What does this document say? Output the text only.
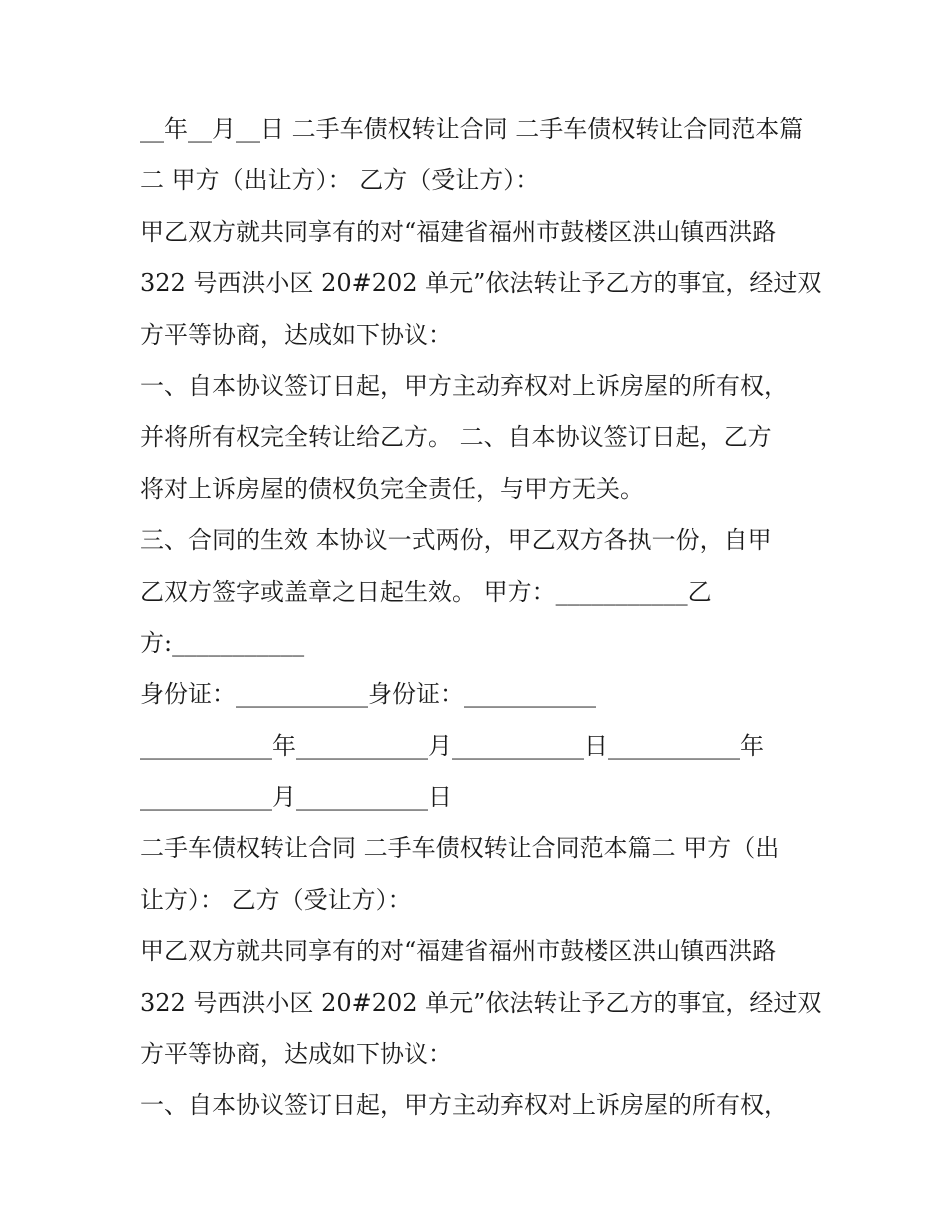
__年__月__日 二手车债权转让合同 二手车债权转让合同范本篇
二 甲方（出让方）： 乙方（受让方）：
甲乙双方就共同享有的对“福建省福州市鼓楼区洪山镇西洪路
322 号西洪小区 20#202 单元”依法转让予乙方的事宜，经过双
方平等协商，达成如下协议：
一、自本协议签订日起，甲方主动弃权对上诉房屋的所有权，
并将所有权完全转让给乙方。 二、自本协议签订日起，乙方
将对上诉房屋的债权负完全责任，与甲方无关。
三、合同的生效 本协议一式两份，甲乙双方各执一份，自甲
乙双方签字或盖章之日起生效。 甲方：___________乙
方:___________
身份证：___________身份证：___________
___________年___________月___________日___________年
___________月___________日
二手车债权转让合同 二手车债权转让合同范本篇二 甲方（出
让方）： 乙方（受让方）：
甲乙双方就共同享有的对“福建省福州市鼓楼区洪山镇西洪路
322 号西洪小区 20#202 单元”依法转让予乙方的事宜，经过双
方平等协商，达成如下协议：
一、自本协议签订日起，甲方主动弃权对上诉房屋的所有权，
